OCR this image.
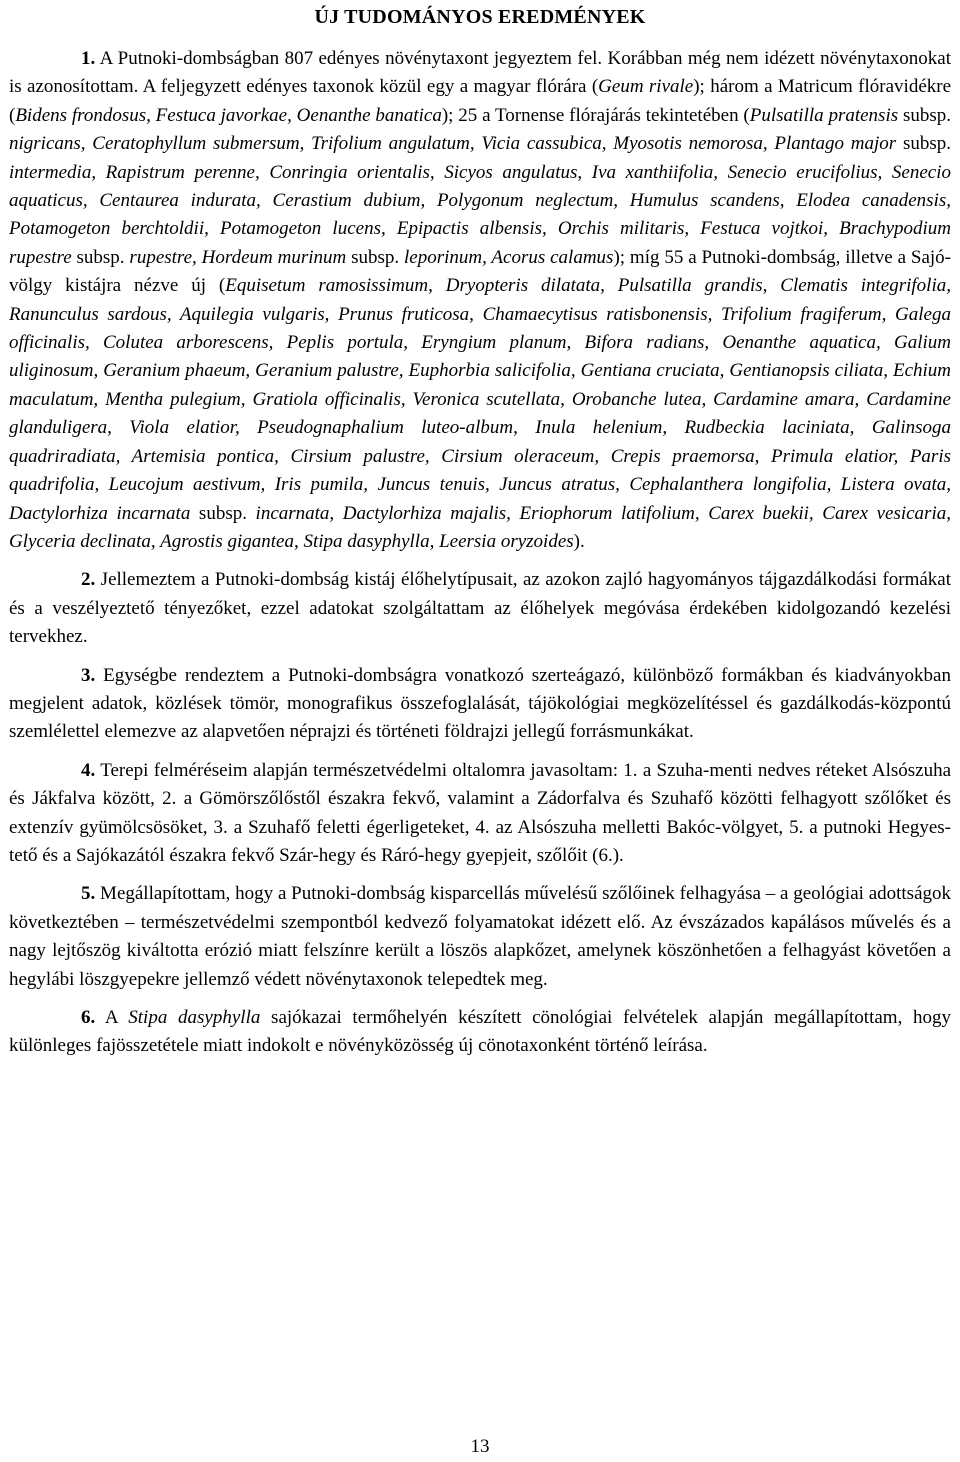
ÚJ TUDOMÁNYOS EREDMÉNYEK

1. A Putnoki-dombságban 807 edényes növénytaxont jegyeztem fel. Korábban még nem idézett növénytaxonokat is azonosítottam. A feljegyzett edényes taxonok közül egy a magyar flórára (Geum rivale); három a Matricum flóravidékre (Bidens frondosus, Festuca javorkae, Oenanthe banatica); 25 a Tornense flórajárás tekintetében (Pulsatilla pratensis subsp. nigricans, Ceratophyllum submersum, Trifolium angulatum, Vicia cassubica, Myosotis nemorosa, Plantago major subsp. intermedia, Rapistrum perenne, Conringia orientalis, Sicyos angulatus, Iva xanthiifolia, Senecio erucifolius, Senecio aquaticus, Centaurea indurata, Cerastium dubium, Polygonum neglectum, Humulus scandens, Elodea canadensis, Potamogeton berchtoldii, Potamogeton lucens, Epipactis albensis, Orchis militaris, Festuca vojtkoi, Brachypodium rupestre subsp. rupestre, Hordeum murinum subsp. leporinum, Acorus calamus); míg 55 a Putnoki-dombság, illetve a Sajó-völgy kistájra nézve új (Equisetum ramosissimum, Dryopteris dilatata, Pulsatilla grandis, Clematis integrifolia, Ranunculus sardous, Aquilegia vulgaris, Prunus fruticosa, Chamaecytisus ratisbonensis, Trifolium fragiferum, Galega officinalis, Colutea arborescens, Peplis portula, Eryngium planum, Bifora radians, Oenanthe aquatica, Galium uliginosum, Geranium phaeum, Geranium palustre, Euphorbia salicifolia, Gentiana cruciata, Gentianopsis ciliata, Echium maculatum, Mentha pulegium, Gratiola officinalis, Veronica scutellata, Orobanche lutea, Cardamine amara, Cardamine glanduligera, Viola elatior, Pseudognaphalium luteo-album, Inula helenium, Rudbeckia laciniata, Galinsoga quadriradiata, Artemisia pontica, Cirsium palustre, Cirsium oleraceum, Crepis praemorsa, Primula elatior, Paris quadrifolia, Leucojum aestivum, Iris pumila, Juncus tenuis, Juncus atratus, Cephalanthera longifolia, Listera ovata, Dactylorhiza incarnata subsp. incarnata, Dactylorhiza majalis, Eriophorum latifolium, Carex buekii, Carex vesicaria, Glyceria declinata, Agrostis gigantea, Stipa dasyphylla, Leersia oryzoides).

2. Jellemeztem a Putnoki-dombság kistáj élőhelytípusait, az azokon zajló hagyományos tájgazdálkodási formákat és a veszélyeztető tényezőket, ezzel adatokat szolgáltattam az élőhelyek megóvása érdekében kidolgozandó kezelési tervekhez.

3. Egységbe rendeztem a Putnoki-dombságra vonatkozó szerteágazó, különböző formákban és kiadványokban megjelent adatok, közlések tömör, monografikus összefoglalását, tájökológiai megközelítéssel és gazdálkodás-központú szemlélettel elemezve az alapvetően néprajzi és történeti földrajzi jellegű forrásmunkákat.

4. Terepi felméréseim alapján természetvédelmi oltalomra javasoltam: 1. a Szuha-menti nedves réteket Alsószuha és Jákfalva között, 2. a Gömörszőlőstől északra fekvő, valamint a Zádorfalva és Szuhafő közötti felhagyott szőlőket és extenzív gyümölcsösöket, 3. a Szuhafő feletti égerligeteket, 4. az Alsószuha melletti Bakóc-völgyet, 5. a putnoki Hegyes-tető és a Sajókazától északra fekvő Szár-hegy és Ráró-hegy gyepjeit, szőlőit (6.).

5. Megállapítottam, hogy a Putnoki-dombság kisparcellás művelésű szőlőinek felhagyása – a geológiai adottságok következtében – természetvédelmi szempontból kedvező folyamatokat idézett elő. Az évszázados kapálásos művelés és a nagy lejtőszög kiváltotta erózió miatt felszínre került a löszös alapkőzet, amelynek köszönhetően a felhagyást követően a hegylábi löszgyepekre jellemző védett növénytaxonok telepedtek meg.

6. A Stipa dasyphylla sajókazai termőhelyén készített cönológiai felvételek alapján megállapítottam, hogy különleges fajösszetétele miatt indokolt e növényközösség új cönotaxonként történő leírása.

13
